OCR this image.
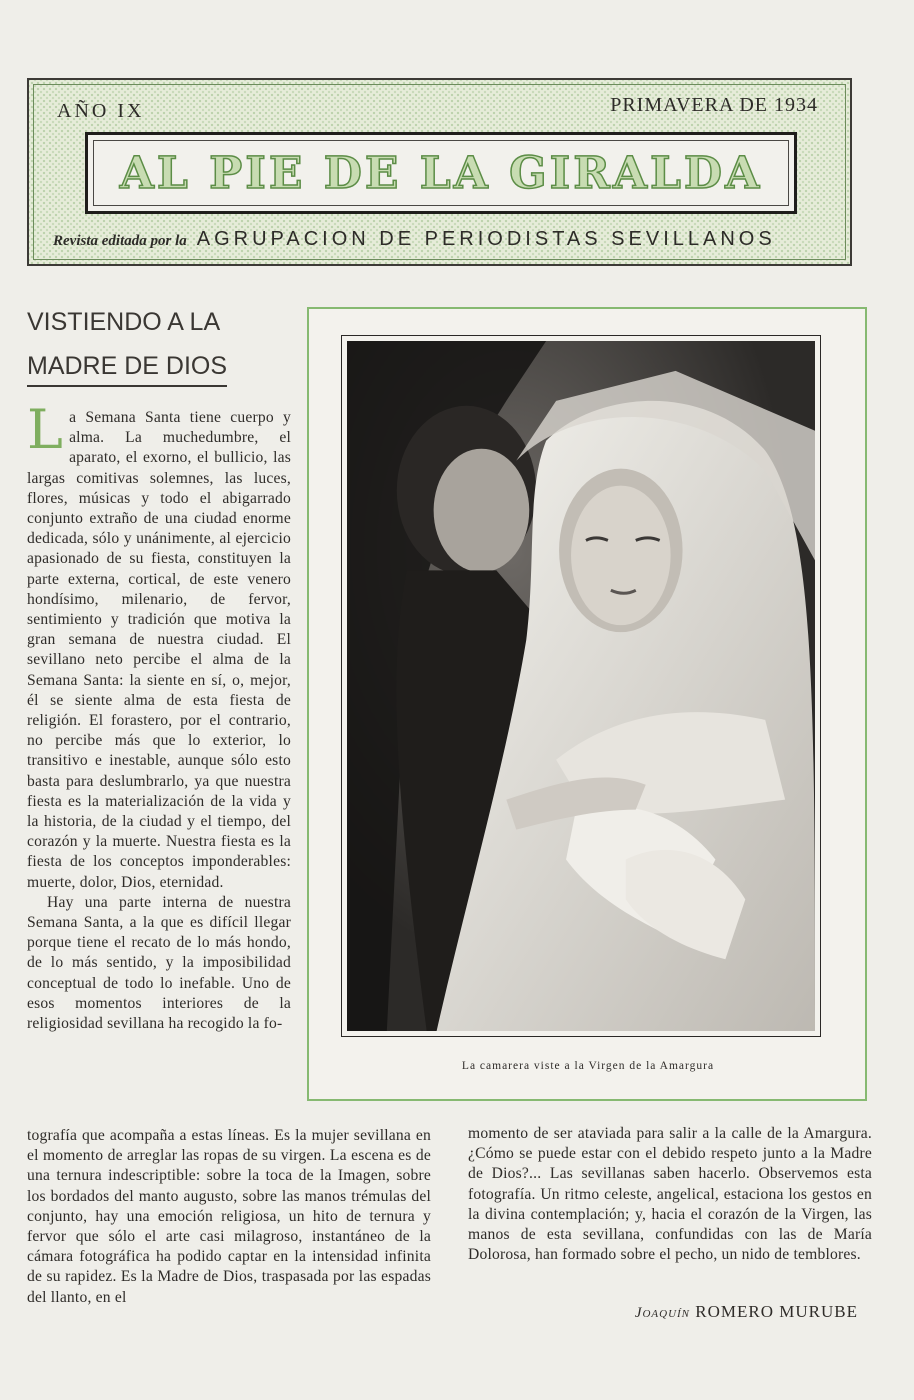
AÑO IX	PRIMAVERA DE 1934
AL PIE DE LA GIRALDA
Revista editada por la AGRUPACION DE PERIODISTAS SEVILLANOS
VISTIENDO A LA
MADRE DE DIOS

La Semana Santa tiene cuerpo y alma. La muchedumbre, el aparato, el exorno, el bullicio, las largas comitivas solemnes, las luces, flores, músicas y todo el abigarrado conjunto extraño de una ciudad enorme dedicada, sólo y unánimente, al ejercicio apasionado de su fiesta, constituyen la parte externa, cortical, de este venero hondísimo, milenario, de fervor, sentimiento y tradición que motiva la gran semana de nuestra ciudad. El sevillano neto percibe el alma de la Semana Santa: la siente en sí, o, mejor, él se siente alma de esta fiesta de religión. El forastero, por el contrario, no percibe más que lo exterior, lo transitivo e inestable, aunque sólo esto basta para deslumbrarlo, ya que nuestra fiesta es la materialización de la vida y la historia, de la ciudad y el tiempo, del corazón y la muerte. Nuestra fiesta es la fiesta de los conceptos imponderables: muerte, dolor, Dios, eternidad.

Hay una parte interna de nuestra Semana Santa, a la que es difícil llegar porque tiene el recato de lo más hondo, de lo más sentido, y la imposibilidad conceptual de todo lo inefable. Uno de esos momentos interiores de la religiosidad sevillana ha recogido la fo-

La camarera viste a la Virgen de la Amargura

tografía que acompaña a estas líneas. Es la mujer sevillana en el momento de arreglar las ropas de su virgen. La escena es de una ternura indescriptible: sobre la toca de la Imagen, sobre los bordados del manto augusto, sobre las manos trémulas del conjunto, hay una emoción religiosa, un hito de ternura y fervor que sólo el arte casi milagroso, instantáneo de la cámara fotográfica ha podido captar en la intensidad infinita de su rapidez. Es la Madre de Dios, traspasada por las espadas del llanto, en el

momento de ser ataviada para salir a la calle de la Amargura. ¿Cómo se puede estar con el debido respeto junto a la Madre de Dios?... Las sevillanas saben hacerlo. Observemos esta fotografía. Un ritmo celeste, angelical, estaciona los gestos en la divina contemplación; y, hacia el corazón de la Virgen, las manos de esta sevillana, confundidas con las de María Dolorosa, han formado sobre el pecho, un nido de temblores.

Joaquín ROMERO MURUBE
